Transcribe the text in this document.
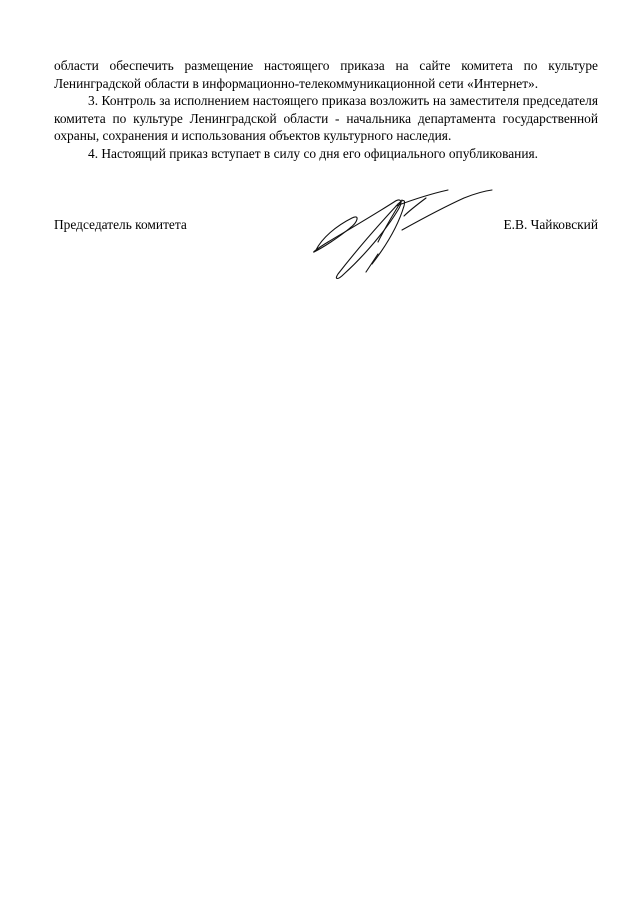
области обеспечить размещение настоящего приказа на сайте комитета по культуре Ленинградской области в информационно-телекоммуникационной сети «Интернет».

3. Контроль за исполнением настоящего приказа возложить на заместителя председателя комитета по культуре Ленинградской области - начальника департамента государственной охраны, сохранения и использования объектов культурного наследия.

4. Настоящий приказ вступает в силу со дня его официального опубликования.

Председатель комитета	Е.В. Чайковский
